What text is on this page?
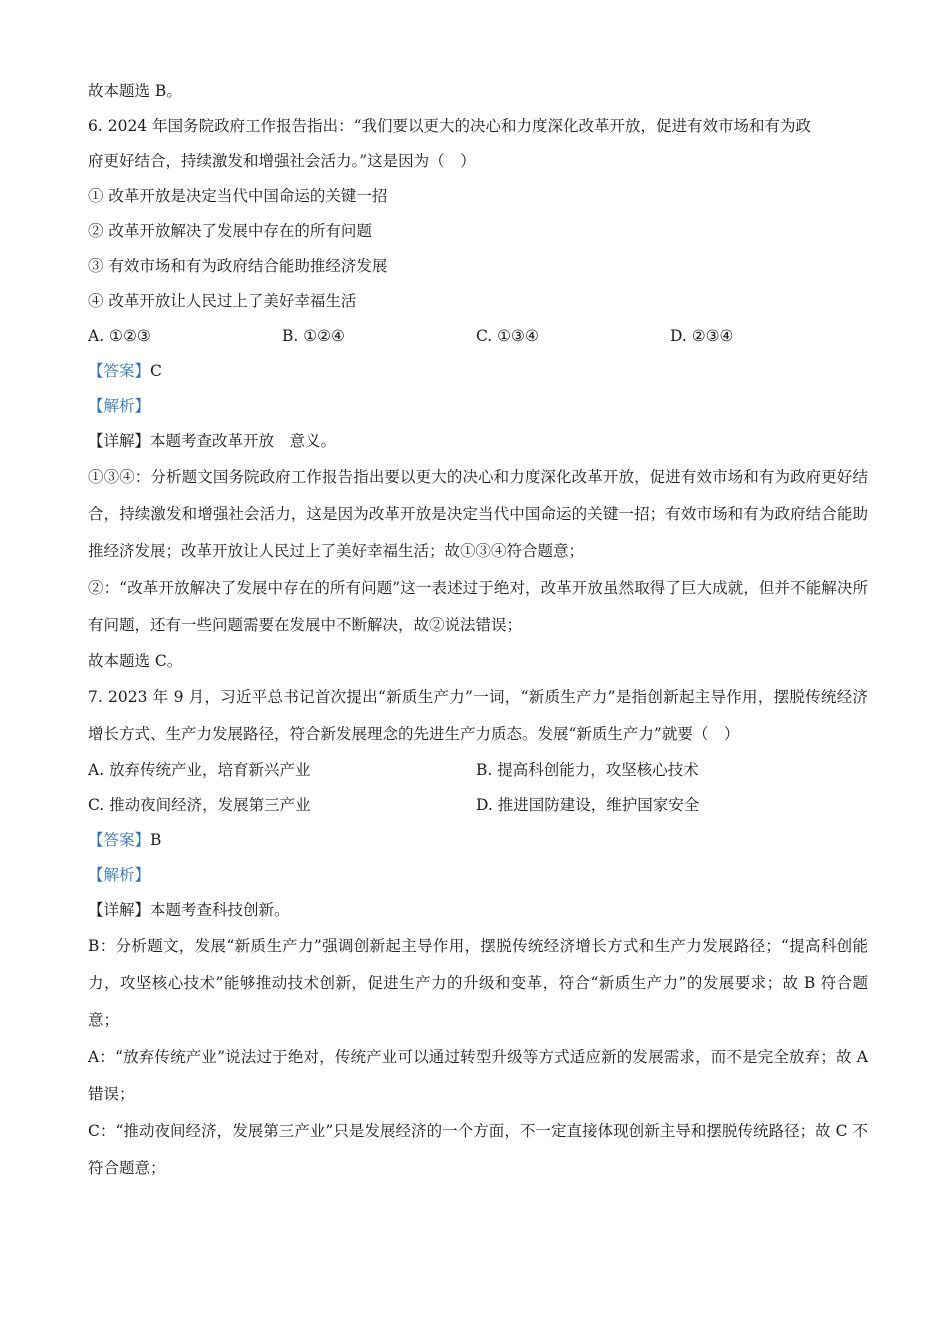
故本题选 B。
6. 2024 年国务院政府工作报告指出：“我们要以更大的决心和力度深化改革开放，促进有效市场和有为政
府更好结合，持续激发和增强社会活力。”这是因为（　）
① 改革开放是决定当代中国命运的关键一招
② 改革开放解决了发展中存在的所有问题
③ 有效市场和有为政府结合能助推经济发展
④ 改革开放让人民过上了美好幸福生活
A. ①②③	B. ①②④	C. ①③④	D. ②③④
【答案】C
【解析】
【详解】本题考查改革开放　意义。
①③④：分析题文国务院政府工作报告指出要以更大的决心和力度深化改革开放，促进有效市场和有为政府更好结合，持续激发和增强社会活力，这是因为改革开放是决定当代中国命运的关键一招；有效市场和有为政府结合能助推经济发展；改革开放让人民过上了美好幸福生活；故①③④符合题意；
②：“改革开放解决了发展中存在的所有问题”这一表述过于绝对，改革开放虽然取得了巨大成就，但并不能解决所有问题，还有一些问题需要在发展中不断解决，故②说法错误；
故本题选 C。
7. 2023 年 9 月，习近平总书记首次提出“新质生产力”一词，“新质生产力”是指创新起主导作用，摆脱传统经济增长方式、生产力发展路径，符合新发展理念的先进生产力质态。发展“新质生产力”就要（　）
A. 放弃传统产业，培育新兴产业	B. 提高科创能力，攻坚核心技术
C. 推动夜间经济，发展第三产业	D. 推进国防建设，维护国家安全
【答案】B
【解析】
【详解】本题考查科技创新。
B：分析题文，发展“新质生产力”强调创新起主导作用，摆脱传统经济增长方式和生产力发展路径；“提高科创能力，攻坚核心技术”能够推动技术创新，促进生产力的升级和变革，符合“新质生产力”的发展要求；故 B 符合题意；
A：“放弃传统产业”说法过于绝对，传统产业可以通过转型升级等方式适应新的发展需求，而不是完全放弃；故 A 错误；
C：“推动夜间经济，发展第三产业”只是发展经济的一个方面，不一定直接体现创新主导和摆脱传统路径；故 C 不符合题意；
